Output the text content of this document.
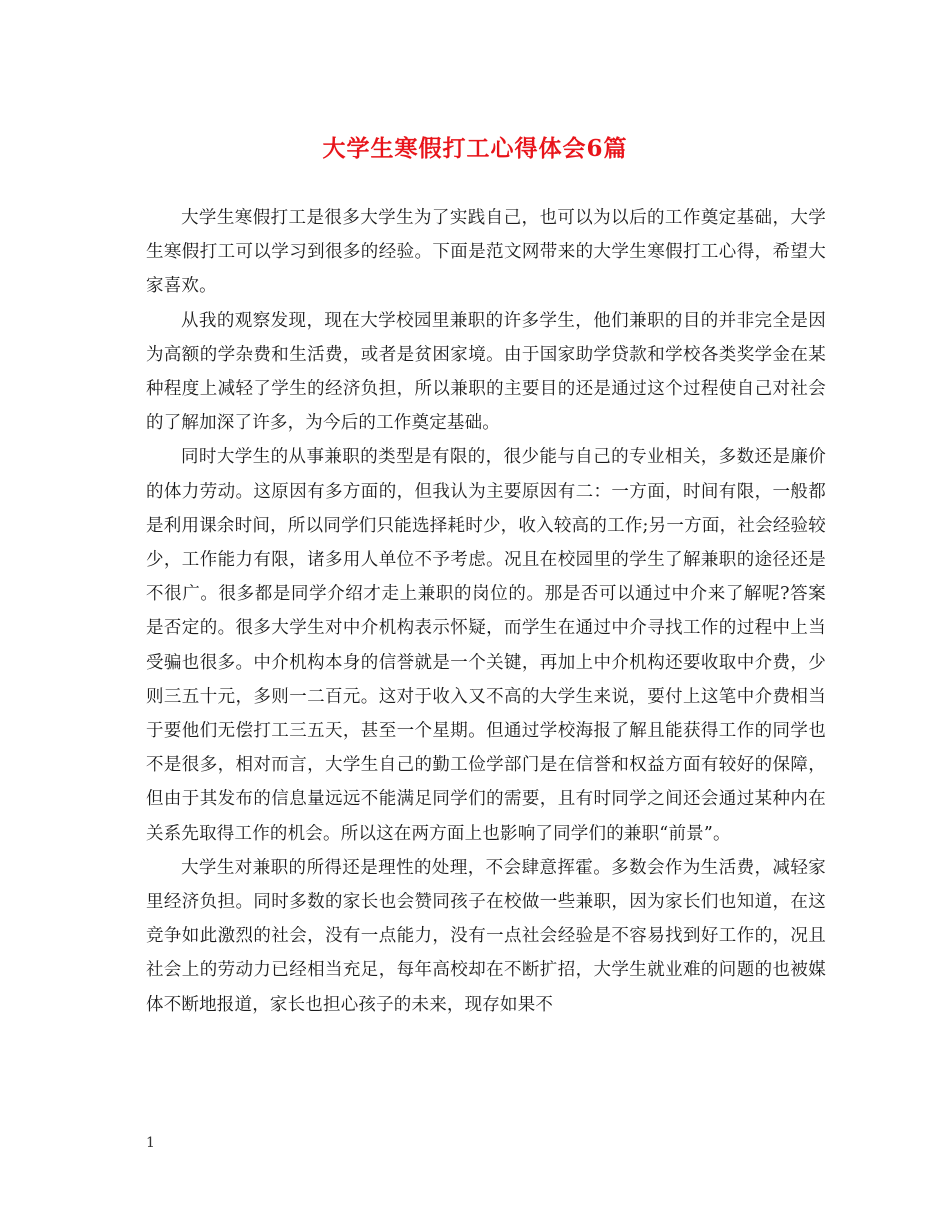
大学生寒假打工心得体会6篇

大学生寒假打工是很多大学生为了实践自己，也可以为以后的工作奠定基础，大学生寒假打工可以学习到很多的经验。下面是范文网带来的大学生寒假打工心得，希望大家喜欢。

从我的观察发现，现在大学校园里兼职的许多学生，他们兼职的目的并非完全是因为高额的学杂费和生活费，或者是贫困家境。由于国家助学贷款和学校各类奖学金在某种程度上减轻了学生的经济负担，所以兼职的主要目的还是通过这个过程使自己对社会的了解加深了许多，为今后的工作奠定基础。

同时大学生的从事兼职的类型是有限的，很少能与自己的专业相关，多数还是廉价的体力劳动。这原因有多方面的，但我认为主要原因有二：一方面，时间有限，一般都是利用课余时间，所以同学们只能选择耗时少，收入较高的工作;另一方面，社会经验较少，工作能力有限，诸多用人单位不予考虑。况且在校园里的学生了解兼职的途径还是不很广。很多都是同学介绍才走上兼职的岗位的。那是否可以通过中介来了解呢?答案是否定的。很多大学生对中介机构表示怀疑，而学生在通过中介寻找工作的过程中上当受骗也很多。中介机构本身的信誉就是一个关键，再加上中介机构还要收取中介费，少则三五十元，多则一二百元。这对于收入又不高的大学生来说，要付上这笔中介费相当于要他们无偿打工三五天，甚至一个星期。但通过学校海报了解且能获得工作的同学也不是很多，相对而言，大学生自己的勤工俭学部门是在信誉和权益方面有较好的保障，但由于其发布的信息量远远不能满足同学们的需要，且有时同学之间还会通过某种内在关系先取得工作的机会。所以这在两方面上也影响了同学们的兼职“前景”。

大学生对兼职的所得还是理性的处理，不会肆意挥霍。多数会作为生活费，减轻家里经济负担。同时多数的家长也会赞同孩子在校做一些兼职，因为家长们也知道，在这竞争如此激烈的社会，没有一点能力，没有一点社会经验是不容易找到好工作的，况且社会上的劳动力已经相当充足，每年高校却在不断扩招，大学生就业难的问题的也被媒体不断地报道，家长也担心孩子的未来，现存如果不

1
